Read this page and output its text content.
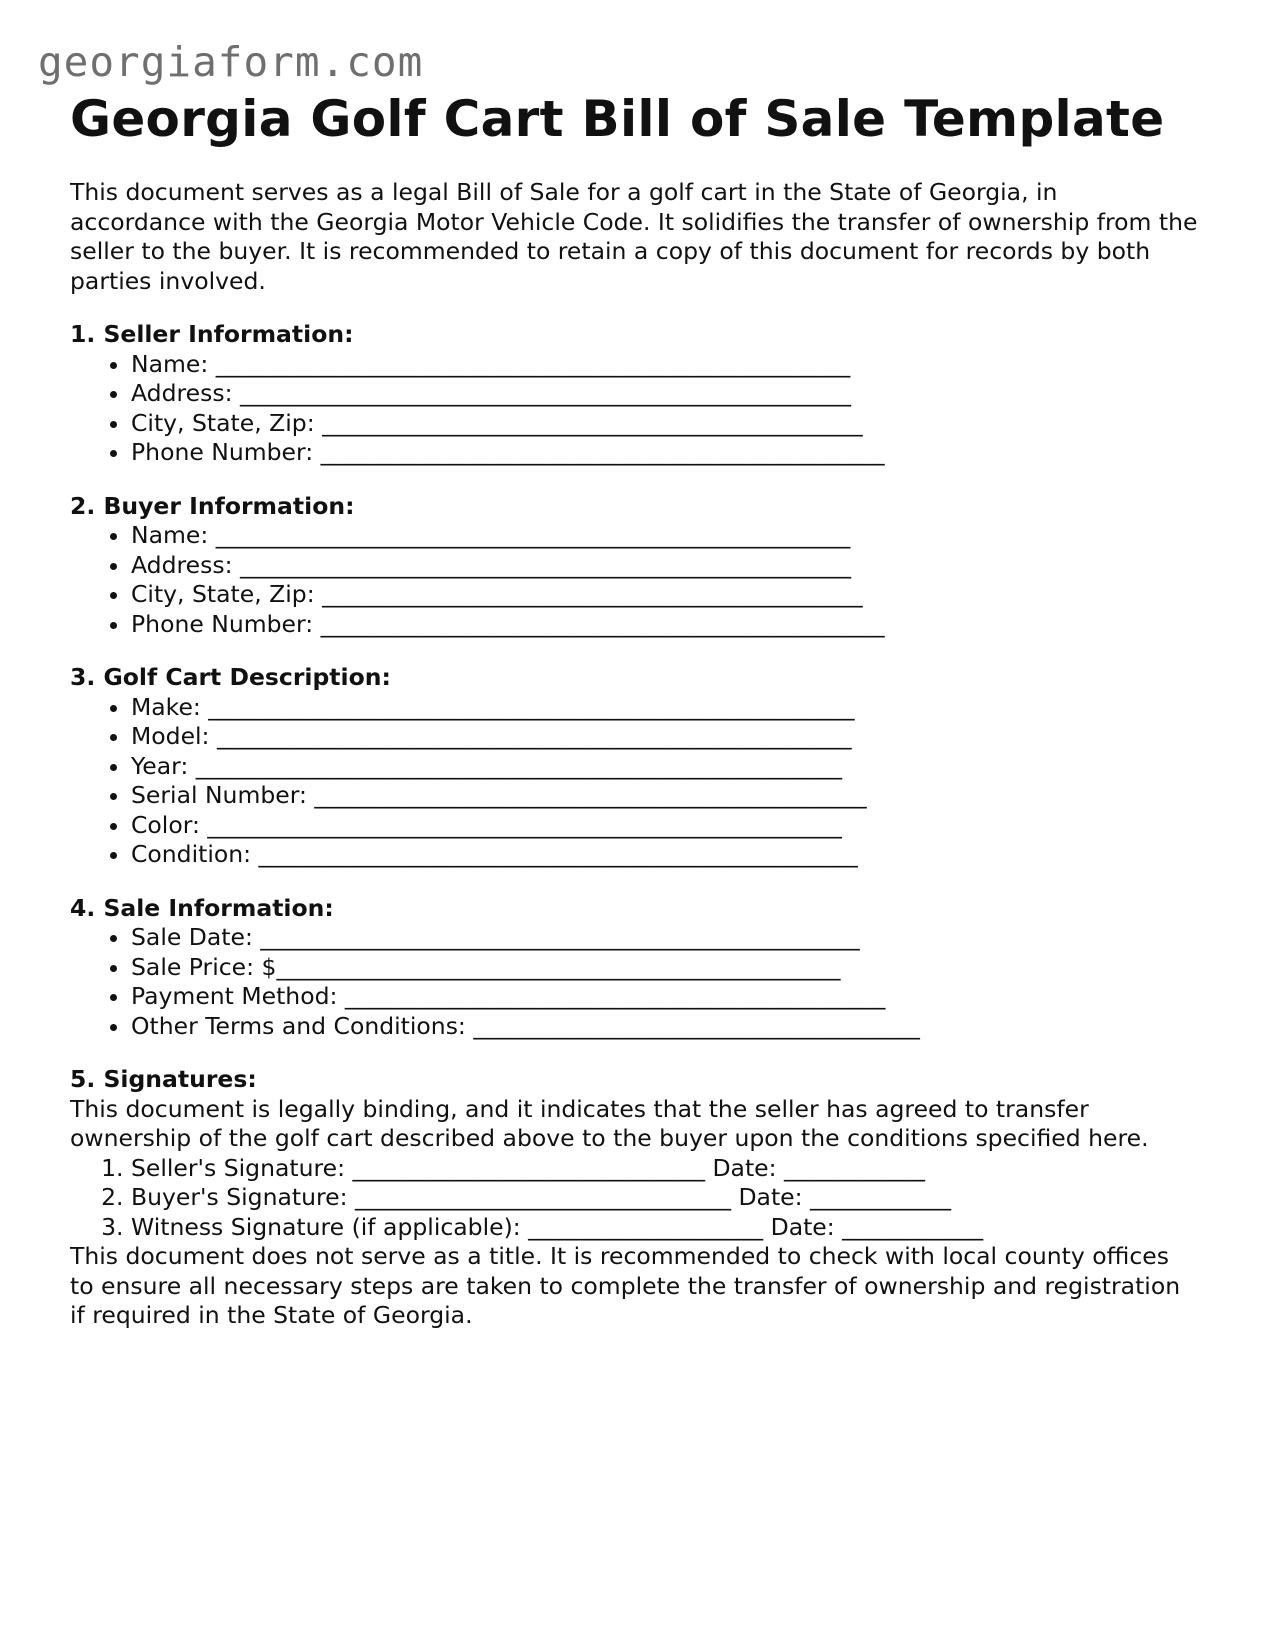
georgiaform.com
Georgia Golf Cart Bill of Sale Template

This document serves as a legal Bill of Sale for a golf cart in the State of Georgia, in accordance with the Georgia Motor Vehicle Code. It solidifies the transfer of ownership from the seller to the buyer. It is recommended to retain a copy of this document for records by both parties involved.

1. Seller Information:
• Name: ______________________________________________________
• Address: ____________________________________________________
• City, State, Zip: ______________________________________________
• Phone Number: ________________________________________________
2. Buyer Information:
• Name: ______________________________________________________
• Address: ____________________________________________________
• City, State, Zip: ______________________________________________
• Phone Number: ________________________________________________
3. Golf Cart Description:
• Make: _______________________________________________________
• Model: ______________________________________________________
• Year: _______________________________________________________
• Serial Number: _______________________________________________
• Color: ______________________________________________________
• Condition: ___________________________________________________
4. Sale Information:
• Sale Date: ___________________________________________________
• Sale Price: $________________________________________________
• Payment Method: ______________________________________________
• Other Terms and Conditions: ______________________________________
5. Signatures:

This document is legally binding, and it indicates that the seller has agreed to transfer ownership of the golf cart described above to the buyer upon the conditions specified here.

1. Seller's Signature: ______________________________ Date: ____________
2. Buyer's Signature: ________________________________ Date: ____________
3. Witness Signature (if applicable): ____________________ Date: ____________

This document does not serve as a title. It is recommended to check with local county offices to ensure all necessary steps are taken to complete the transfer of ownership and registration if required in the State of Georgia.
